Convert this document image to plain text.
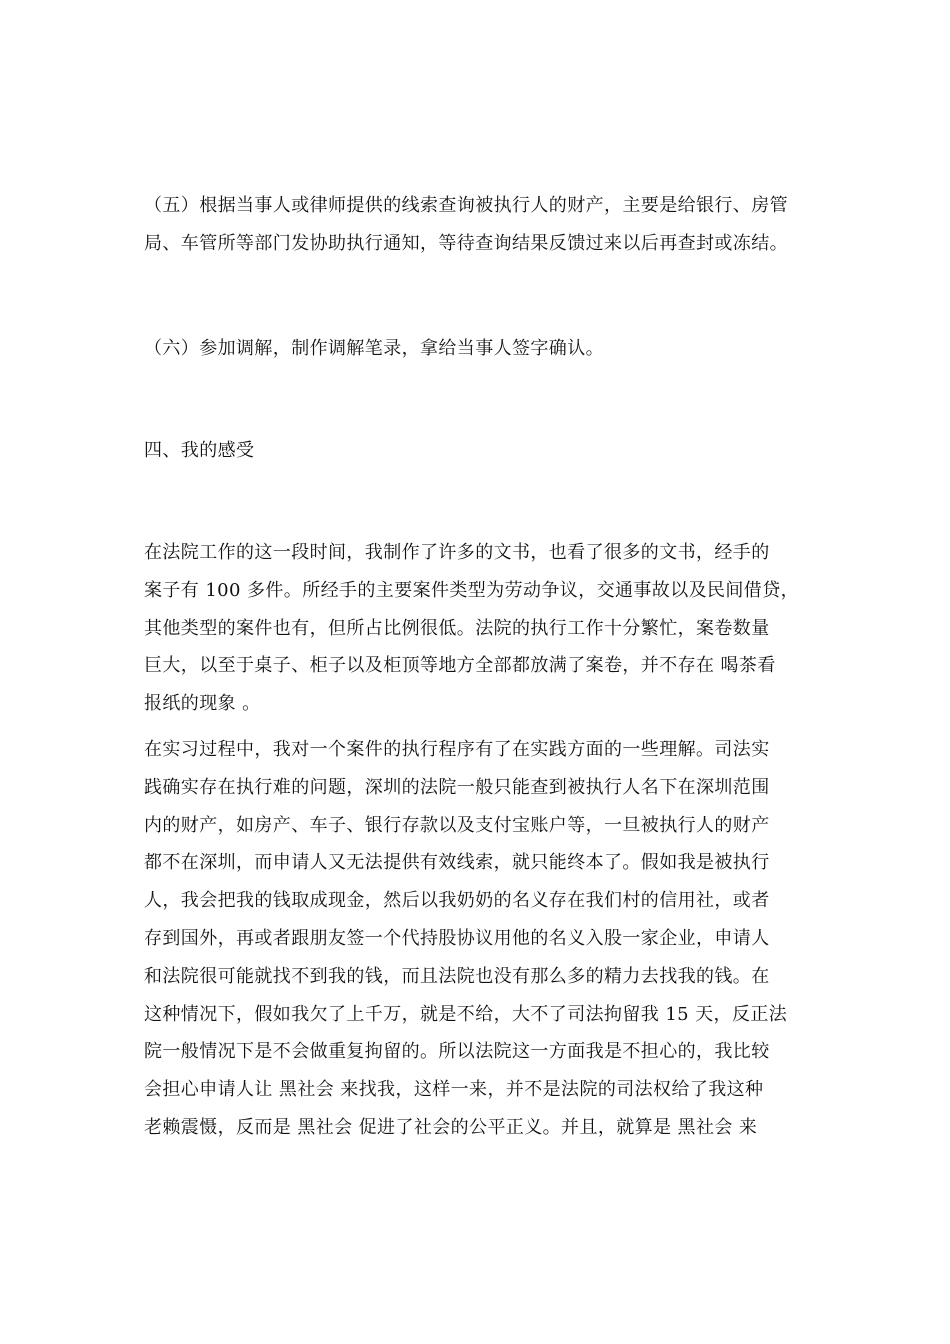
（五）根据当事人或律师提供的线索查询被执行人的财产，主要是给银行、房管
局、车管所等部门发协助执行通知，等待查询结果反馈过来以后再查封或冻结。

（六）参加调解，制作调解笔录，拿给当事人签字确认。

四、我的感受

在法院工作的这一段时间，我制作了许多的文书，也看了很多的文书，经手的
案子有 100 多件。所经手的主要案件类型为劳动争议，交通事故以及民间借贷，
其他类型的案件也有，但所占比例很低。法院的执行工作十分繁忙，案卷数量
巨大，以至于桌子、柜子以及柜顶等地方全部都放满了案卷，并不存在 喝茶看
报纸的现象 。

在实习过程中，我对一个案件的执行程序有了在实践方面的一些理解。司法实
践确实存在执行难的问题，深圳的法院一般只能查到被执行人名下在深圳范围
内的财产，如房产、车子、银行存款以及支付宝账户等，一旦被执行人的财产
都不在深圳，而申请人又无法提供有效线索，就只能终本了。假如我是被执行
人，我会把我的钱取成现金，然后以我奶奶的名义存在我们村的信用社，或者
存到国外，再或者跟朋友签一个代持股协议用他的名义入股一家企业，申请人
和法院很可能就找不到我的钱，而且法院也没有那么多的精力去找我的钱。在
这种情况下，假如我欠了上千万，就是不给，大不了司法拘留我 15 天，反正法
院一般情况下是不会做重复拘留的。所以法院这一方面我是不担心的，我比较
会担心申请人让 黑社会 来找我，这样一来，并不是法院的司法权给了我这种
老赖震慑，反而是 黑社会 促进了社会的公平正义。并且，就算是 黑社会 来
